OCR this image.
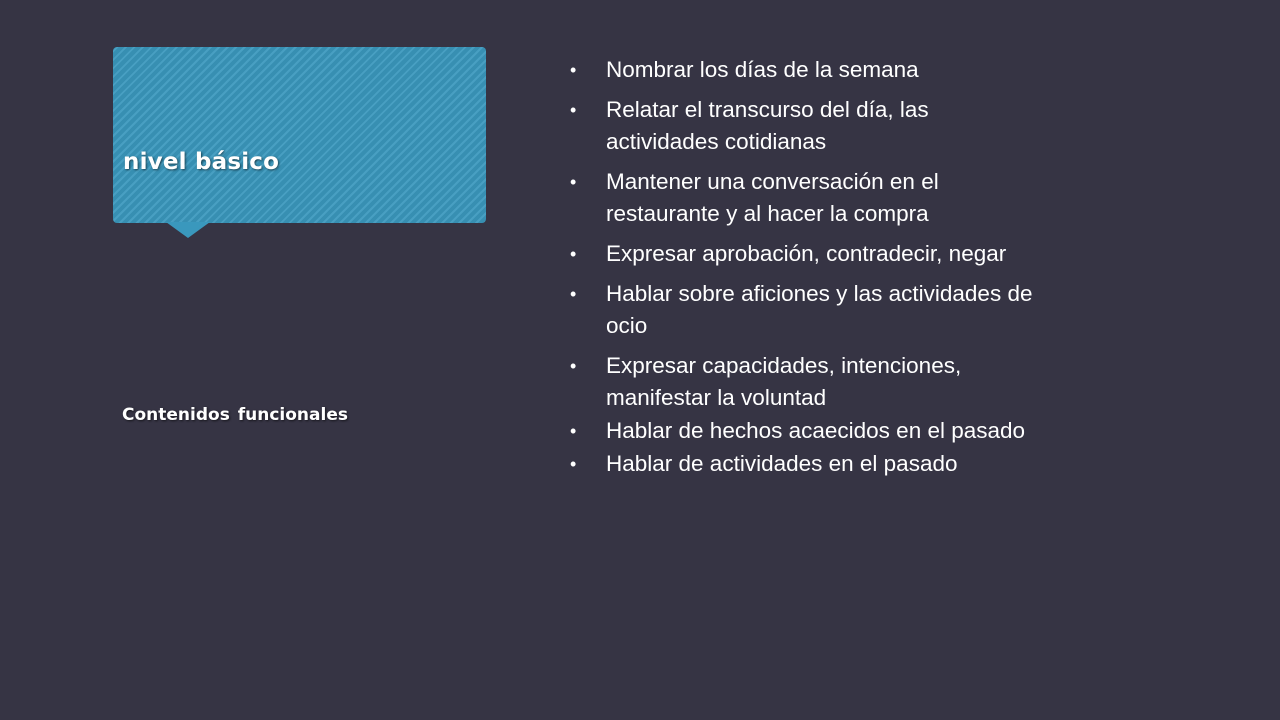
nivel básico
Contenidos funcionales
• Nombrar los días de la semana
• Relatar el transcurso del día, las actividades cotidianas
• Mantener una conversación en el restaurante y al hacer la compra
• Expresar aprobación, contradecir, negar
• Hablar sobre aficiones y las actividades de ocio
• Expresar capacidades, intenciones, manifestar la voluntad
• Hablar de hechos acaecidos en el pasado
• Hablar de actividades en el pasado
